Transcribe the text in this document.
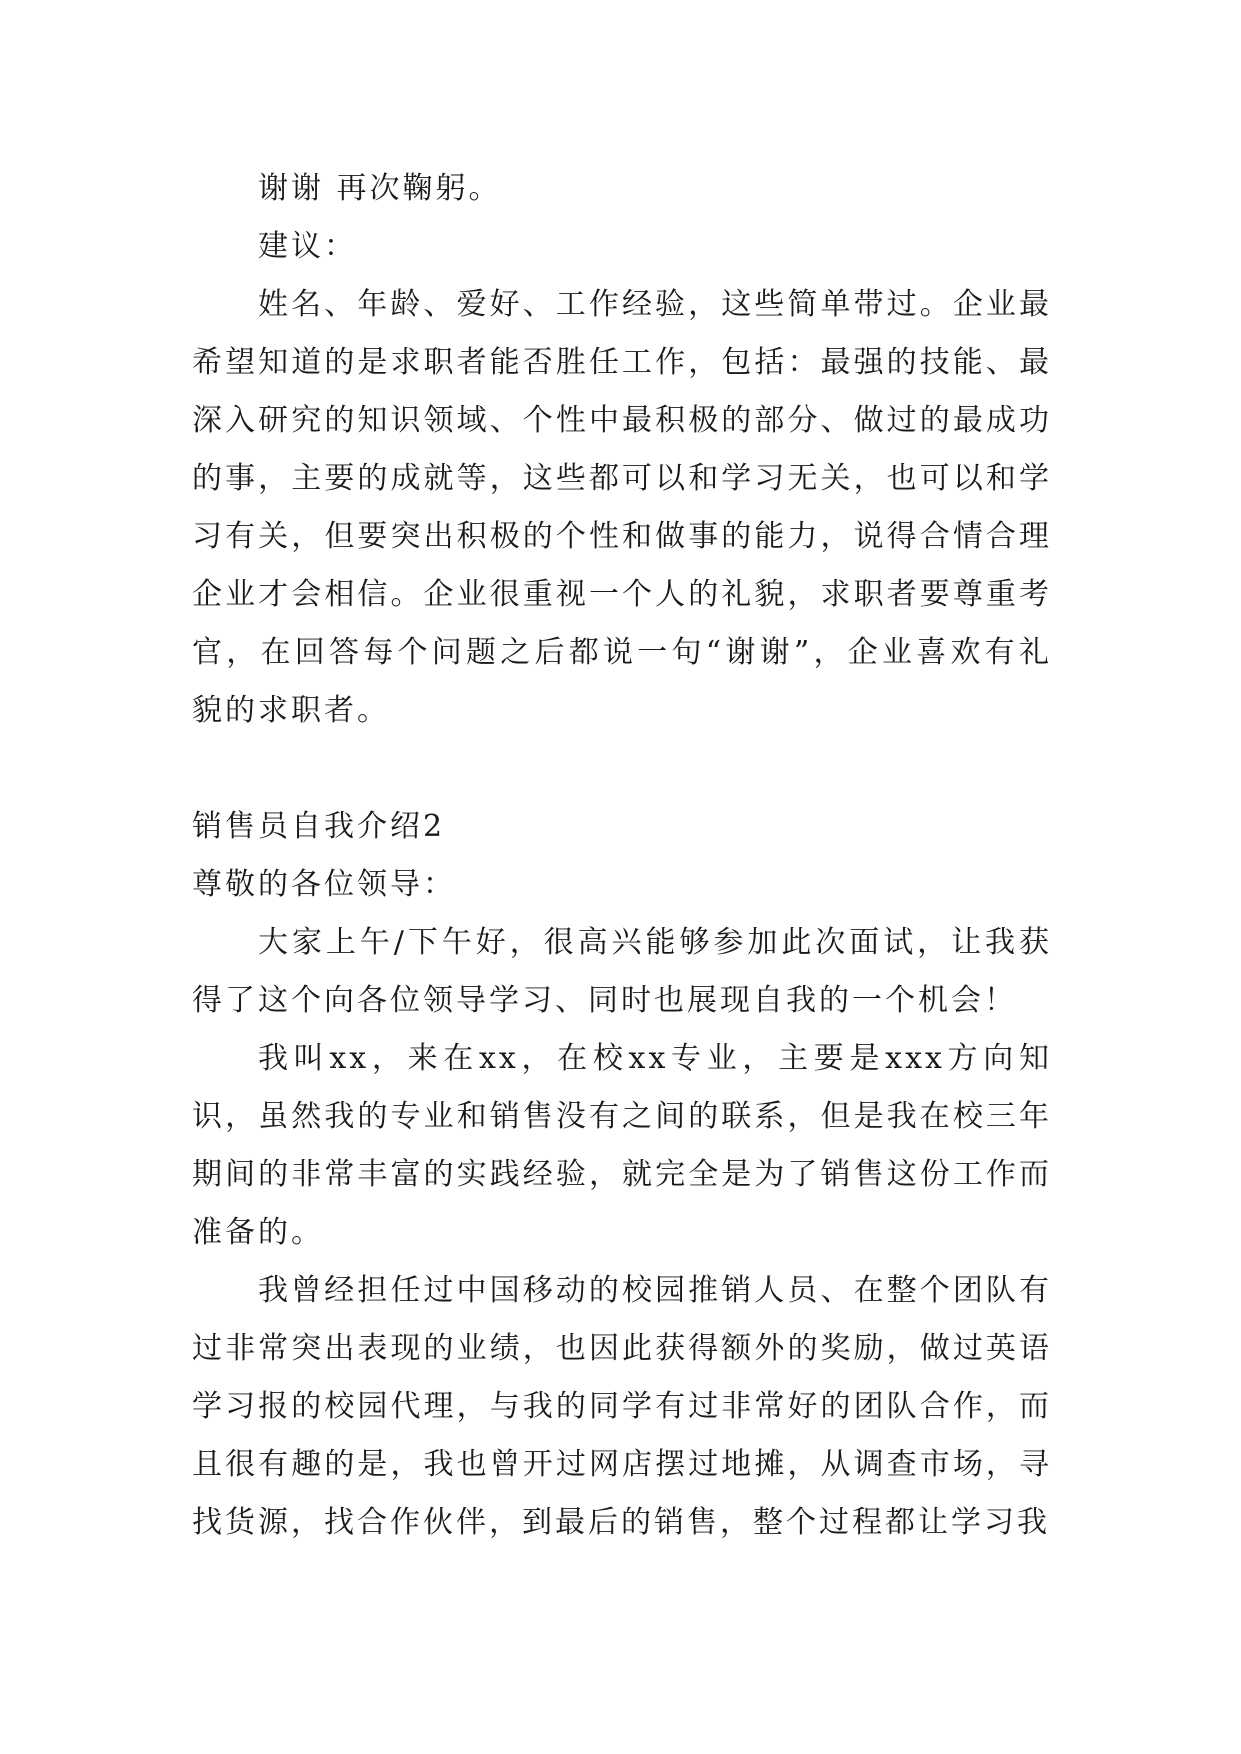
谢谢 再次鞠躬。

建议：

姓名、年龄、爱好、工作经验，这些简单带过。企业最希望知道的是求职者能否胜任工作，包括：最强的技能、最深入研究的知识领域、个性中最积极的部分、做过的最成功的事，主要的成就等，这些都可以和学习无关，也可以和学习有关，但要突出积极的个性和做事的能力，说得合情合理企业才会相信。企业很重视一个人的礼貌，求职者要尊重考官，在回答每个问题之后都说一句“谢谢”，企业喜欢有礼貌的求职者。

销售员自我介绍2

尊敬的各位领导：

大家上午/下午好，很高兴能够参加此次面试，让我获得了这个向各位领导学习、同时也展现自我的一个机会！

我叫xx，来在xx，在校xx专业，主要是xxx方向知识，虽然我的专业和销售没有之间的联系，但是我在校三年期间的非常丰富的实践经验，就完全是为了销售这份工作而准备的。

我曾经担任过中国移动的校园推销人员、在整个团队有过非常突出表现的业绩，也因此获得额外的奖励，做过英语学习报的校园代理，与我的同学有过非常好的团队合作，而且很有趣的是，我也曾开过网店摆过地摊，从调查市场，寻找货源，找合作伙伴，到最后的销售，整个过程都让学习我
